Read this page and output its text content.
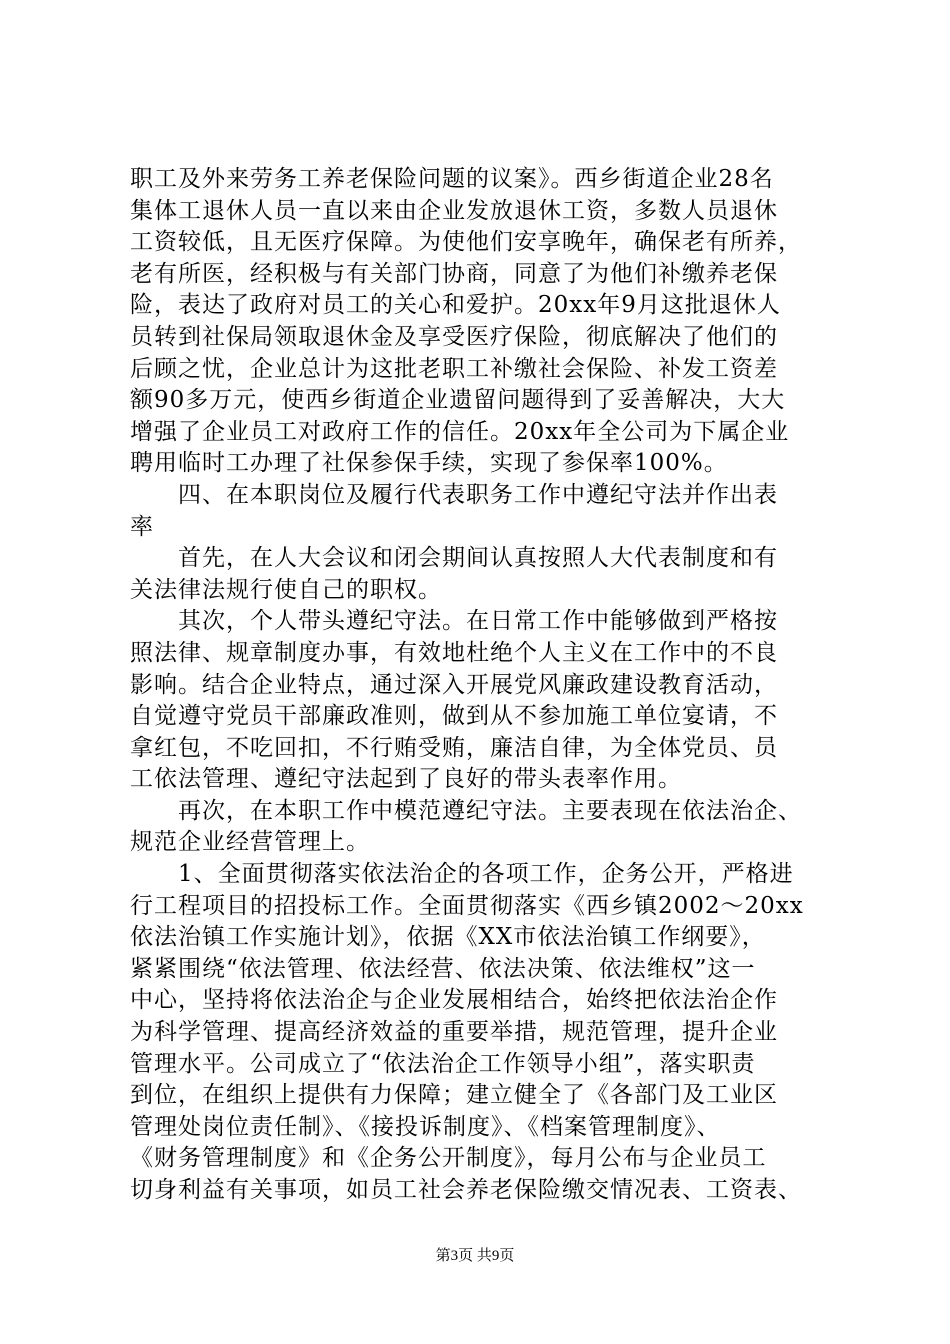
职工及外来劳务工养老保险问题的议案》。西乡街道企业28名
集体工退休人员一直以来由企业发放退休工资，多数人员退休
工资较低，且无医疗保障。为使他们安享晚年，确保老有所养，
老有所医，经积极与有关部门协商，同意了为他们补缴养老保
险，表达了政府对员工的关心和爱护。20xx年9月这批退休人
员转到社保局领取退休金及享受医疗保险，彻底解决了他们的
后顾之忧，企业总计为这批老职工补缴社会保险、补发工资差
额90多万元，使西乡街道企业遗留问题得到了妥善解决，大大
增强了企业员工对政府工作的信任。20xx年全公司为下属企业
聘用临时工办理了社保参保手续，实现了参保率100%。
　　四、在本职岗位及履行代表职务工作中遵纪守法并作出表
率
　　首先，在人大会议和闭会期间认真按照人大代表制度和有
关法律法规行使自己的职权。
　　其次，个人带头遵纪守法。在日常工作中能够做到严格按
照法律、规章制度办事，有效地杜绝个人主义在工作中的不良
影响。结合企业特点，通过深入开展党风廉政建设教育活动，
自觉遵守党员干部廉政准则，做到从不参加施工单位宴请，不
拿红包，不吃回扣，不行贿受贿，廉洁自律，为全体党员、员
工依法管理、遵纪守法起到了良好的带头表率作用。
　　再次，在本职工作中模范遵纪守法。主要表现在依法治企、
规范企业经营管理上。
　　1、全面贯彻落实依法治企的各项工作，企务公开，严格进
行工程项目的招投标工作。全面贯彻落实《西乡镇2002～20xx
依法治镇工作实施计划》，依据《XX市依法治镇工作纲要》，
紧紧围绕“依法管理、依法经营、依法决策、依法维权”这一
中心，坚持将依法治企与企业发展相结合，始终把依法治企作
为科学管理、提高经济效益的重要举措，规范管理，提升企业
管理水平。公司成立了“依法治企工作领导小组”，落实职责
到位，在组织上提供有力保障；建立健全了《各部门及工业区
管理处岗位责任制》、《接投诉制度》、《档案管理制度》、
《财务管理制度》和《企务公开制度》，每月公布与企业员工
切身利益有关事项，如员工社会养老保险缴交情况表、工资表、
第3页 共9页
